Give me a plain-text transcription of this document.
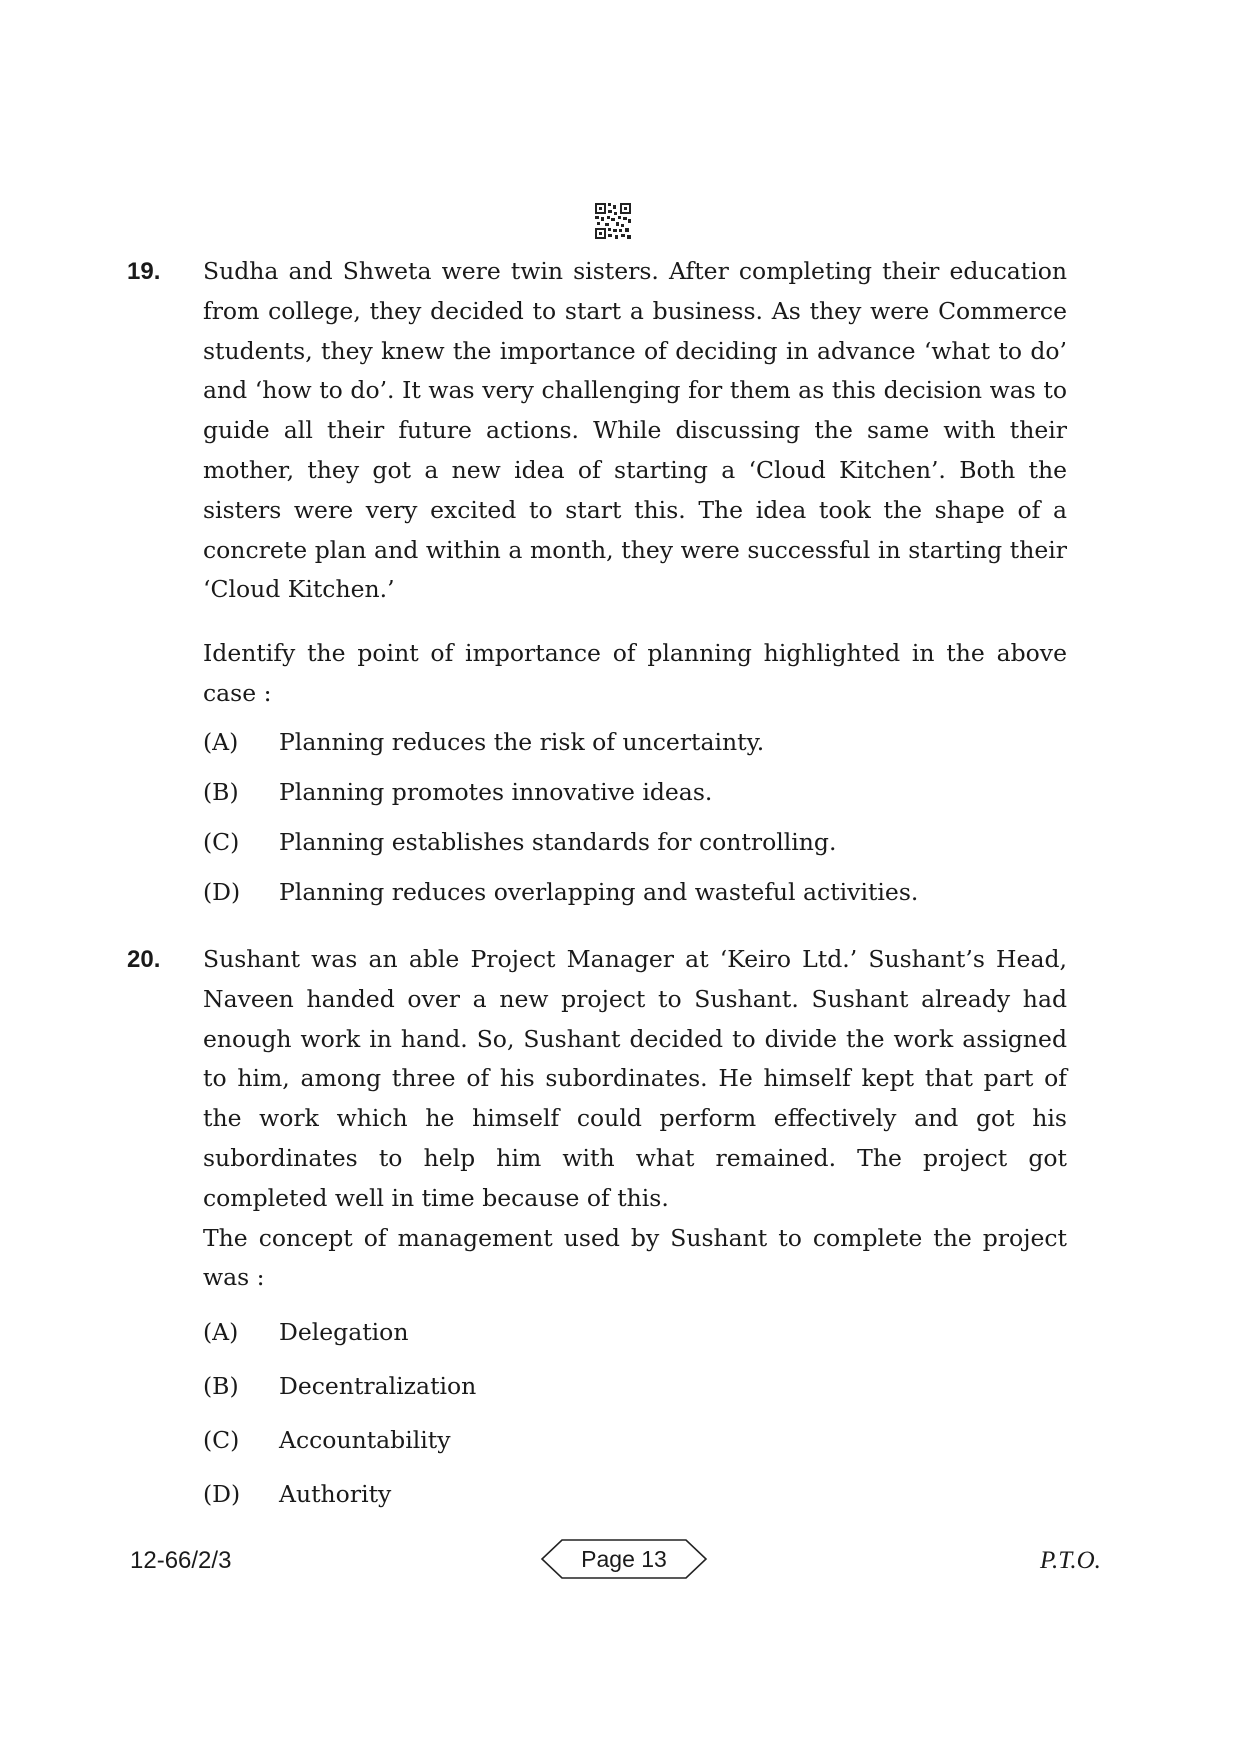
19. Sudha and Shweta were twin sisters. After completing their education from college, they decided to start a business. As they were Commerce students, they knew the importance of deciding in advance ‘what to do’ and ‘how to do’. It was very challenging for them as this decision was to guide all their future actions. While discussing the same with their mother, they got a new idea of starting a ‘Cloud Kitchen’. Both the sisters were very excited to start this. The idea took the shape of a concrete plan and within a month, they were successful in starting their ‘Cloud Kitchen.’

Identify the point of importance of planning highlighted in the above case :

(A) Planning reduces the risk of uncertainty.
(B) Planning promotes innovative ideas.
(C) Planning establishes standards for controlling.
(D) Planning reduces overlapping and wasteful activities.
20. Sushant was an able Project Manager at ‘Keiro Ltd.’ Sushant’s Head, Naveen handed over a new project to Sushant. Sushant already had enough work in hand. So, Sushant decided to divide the work assigned to him, among three of his subordinates. He himself kept that part of the work which he himself could perform effectively and got his subordinates to help him with what remained. The project got completed well in time because of this.

The concept of management used by Sushant to complete the project was :

(A) Delegation
(B) Decentralization
(C) Accountability
(D) Authority
12-66/2/3	Page 13	P.T.O.
